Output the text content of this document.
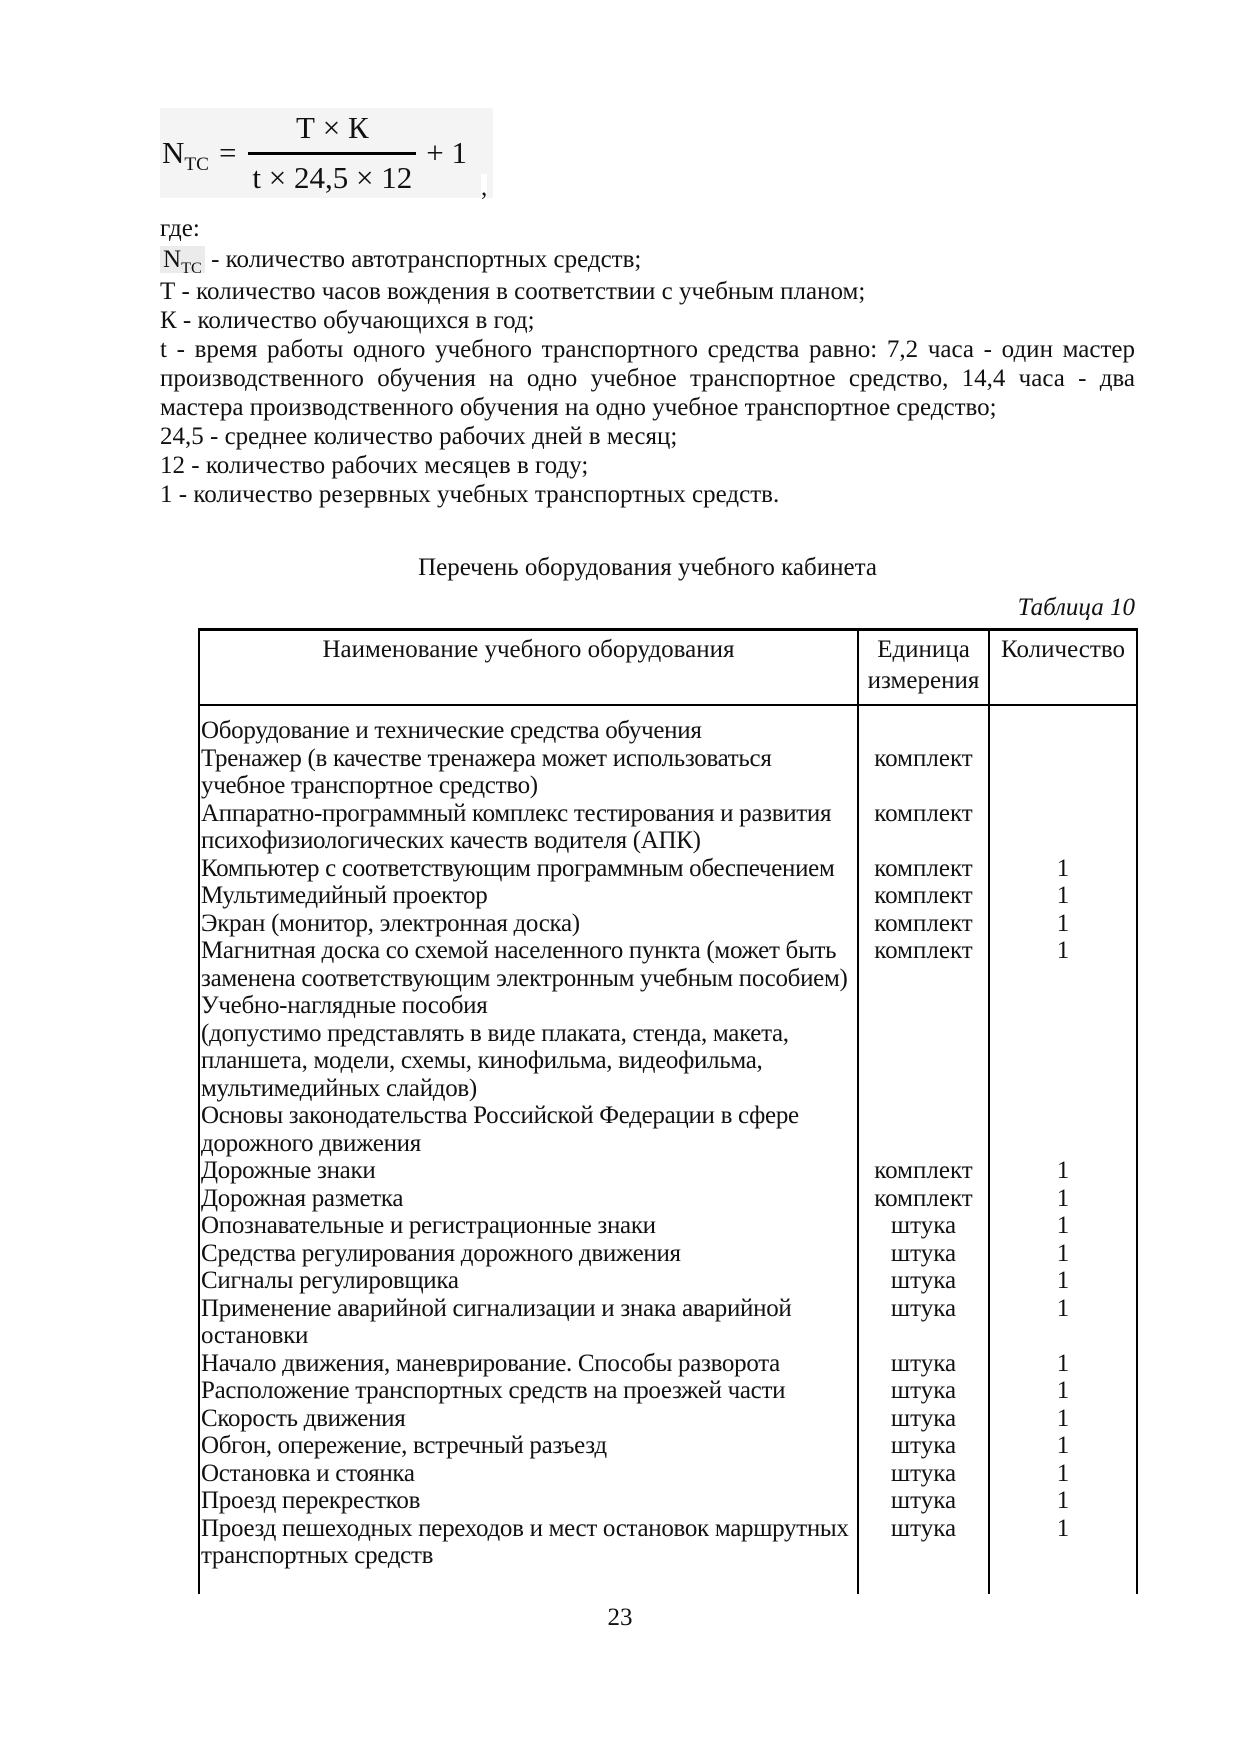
$N_{ТС} = \frac{Т \times К}{t \times 24,5 \times 12} + 1$
,
где:
$N_{ТС}$ - количество автотранспортных средств;
Т - количество часов вождения в соответствии с учебным планом;
К - количество обучающихся в год;
t - время работы одного учебного транспортного средства равно: 7,2 часа - один мастер производственного обучения на одно учебное транспортное средство, 14,4 часа - два мастера производственного обучения на одно учебное транспортное средство;
24,5 - среднее количество рабочих дней в месяц;
12 - количество рабочих месяцев в году;
1 - количество резервных учебных транспортных средств.
Перечень оборудования учебного кабинета
Таблица 10
Наименование учебного оборудования	Единица измерения	Количество
Оборудование и технические средства обучения		
Тренажер (в качестве тренажера может использоваться учебное транспортное средство)	комплект	
Аппаратно-программный комплекс тестирования и развития психофизиологических качеств водителя (АПК)	комплект	
Компьютер с соответствующим программным обеспечением	комплект	1
Мультимедийный проектор	комплект	1
Экран (монитор, электронная доска)	комплект	1
Магнитная доска со схемой населенного пункта (может быть заменена соответствующим электронным учебным пособием)	комплект	1
Учебно-наглядные пособия		
(допустимо представлять в виде плаката, стенда, макета, планшета, модели, схемы, кинофильма, видеофильма, мультимедийных слайдов)		
Основы законодательства Российской Федерации в сфере дорожного движения		
Дорожные знаки	комплект	1
Дорожная разметка	комплект	1
Опознавательные и регистрационные знаки	штука	1
Средства регулирования дорожного движения	штука	1
Сигналы регулировщика	штука	1
Применение аварийной сигнализации и знака аварийной остановки	штука	1
Начало движения, маневрирование. Способы разворота	штука	1
Расположение транспортных средств на проезжей части	штука	1
Скорость движения	штука	1
Обгон, опережение, встречный разъезд	штука	1
Остановка и стоянка	штука	1
Проезд перекрестков	штука	1
Проезд пешеходных переходов и мест остановок маршрутных транспортных средств	штука	1
23
